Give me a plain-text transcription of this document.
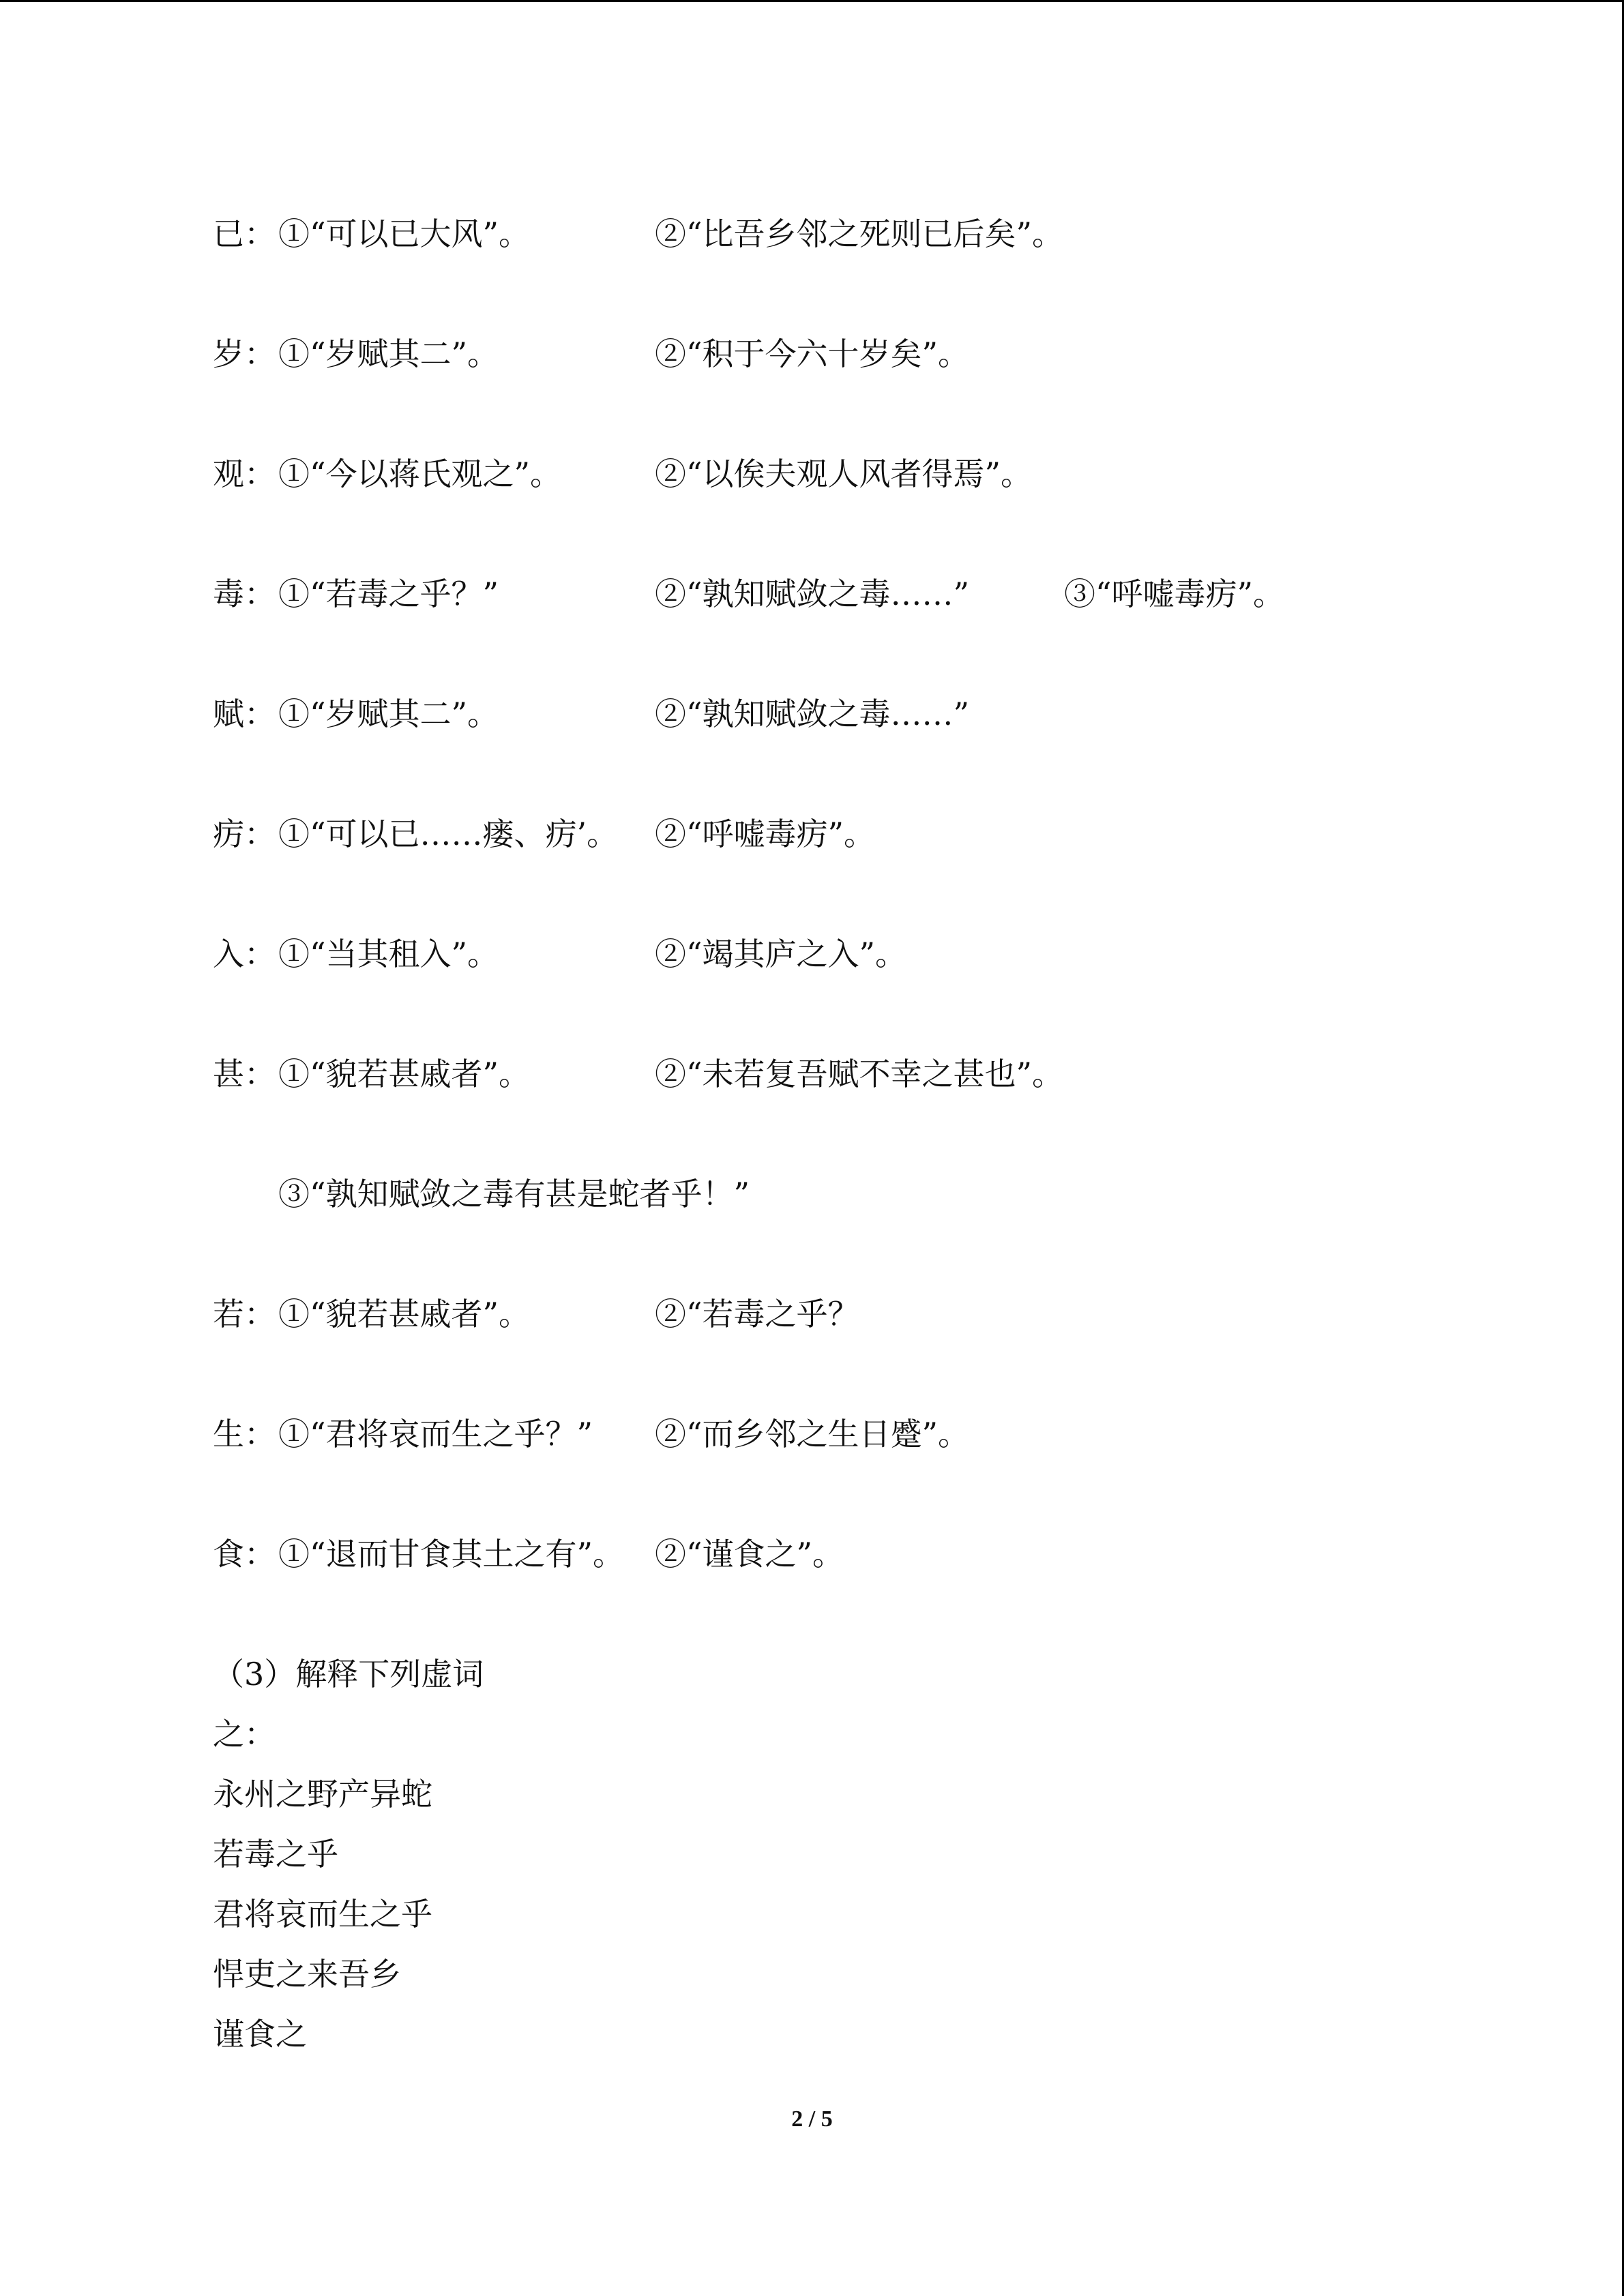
已： ①“可以已大风”。	②“比吾乡邻之死则已后矣”。
岁： ①“岁赋其二”。	②“积于今六十岁矣”。
观： ①“今以蒋氏观之”。	②“以俟夫观人风者得焉”。
毒： ①“若毒之乎？”	②“孰知赋敛之毒……”	③“呼嘘毒疠”。
赋： ①“岁赋其二”。	②“孰知赋敛之毒……”
疠： ①“可以已……瘘、疠’。 ②“呼嘘毒疠”。
入： ①“当其租入”。	②“竭其庐之入”。
甚： ①“貌若甚戚者”。	②“未若复吾赋不幸之甚也”。
③“孰知赋敛之毒有甚是蛇者乎！”
若： ①“貌若甚戚者”。	②“若毒之乎？
生： ①“君将哀而生之乎？” ②“而乡邻之生日蹙”。
食： ①“退而甘食其土之有”。 ②“谨食之”。
（3）解释下列虚词
之：
永州之野产异蛇
若毒之乎
君将哀而生之乎
悍吏之来吾乡
谨食之
2 / 5
